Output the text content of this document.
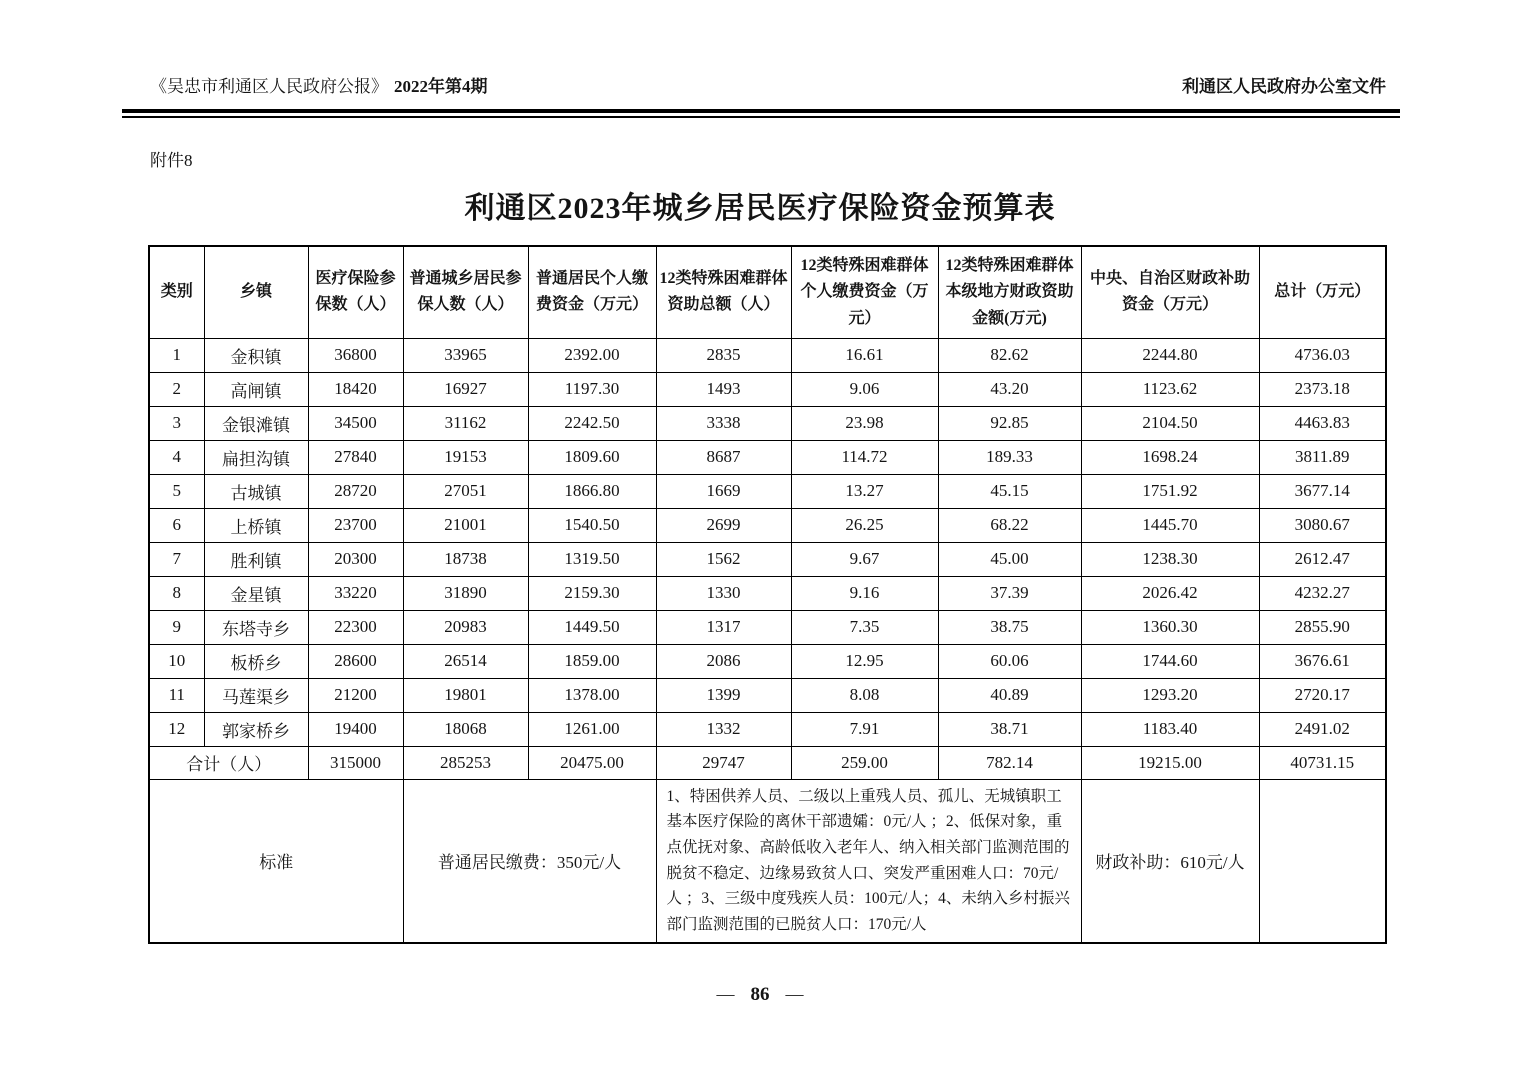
《吴忠市利通区人民政府公报》 2022年第4期	利通区人民政府办公室文件
附件8
利通区2023年城乡居民医疗保险资金预算表
类别	乡镇	医疗保险参保数（人）	普通城乡居民参保人数（人）	普通居民个人缴费资金（万元）	12类特殊困难群体资助总额（人）	12类特殊困难群体个人缴费资金（万元）	12类特殊困难群体本级地方财政资助金额(万元)	中央、自治区财政补助资金（万元）	总计（万元）
1	金积镇	36800	33965	2392.00	2835	16.61	82.62	2244.80	4736.03
2	高闸镇	18420	16927	1197.30	1493	9.06	43.20	1123.62	2373.18
3	金银滩镇	34500	31162	2242.50	3338	23.98	92.85	2104.50	4463.83
4	扁担沟镇	27840	19153	1809.60	8687	114.72	189.33	1698.24	3811.89
5	古城镇	28720	27051	1866.80	1669	13.27	45.15	1751.92	3677.14
6	上桥镇	23700	21001	1540.50	2699	26.25	68.22	1445.70	3080.67
7	胜利镇	20300	18738	1319.50	1562	9.67	45.00	1238.30	2612.47
8	金星镇	33220	31890	2159.30	1330	9.16	37.39	2026.42	4232.27
9	东塔寺乡	22300	20983	1449.50	1317	7.35	38.75	1360.30	2855.90
10	板桥乡	28600	26514	1859.00	2086	12.95	60.06	1744.60	3676.61
11	马莲渠乡	21200	19801	1378.00	1399	8.08	40.89	1293.20	2720.17
12	郭家桥乡	19400	18068	1261.00	1332	7.91	38.71	1183.40	2491.02
合计（人）		315000	285253	20475.00	29747	259.00	782.14	19215.00	40731.15
标准			普通居民缴费：350元/人		1、特困供养人员、二级以上重残人员、孤儿、无城镇职工基本医疗保险的离休干部遗孀：0元/人 ；2、低保对象，重点优抚对象、高龄低收入老年人、纳入相关部门监测范围的脱贫不稳定、边缘易致贫人口、突发严重困难人口：70元/人 ；3、三级中度残疾人员：100元/人；4、未纳入乡村振兴部门监测范围的已脱贫人口：170元/人			财政补助：610元/人	
— 86 —
